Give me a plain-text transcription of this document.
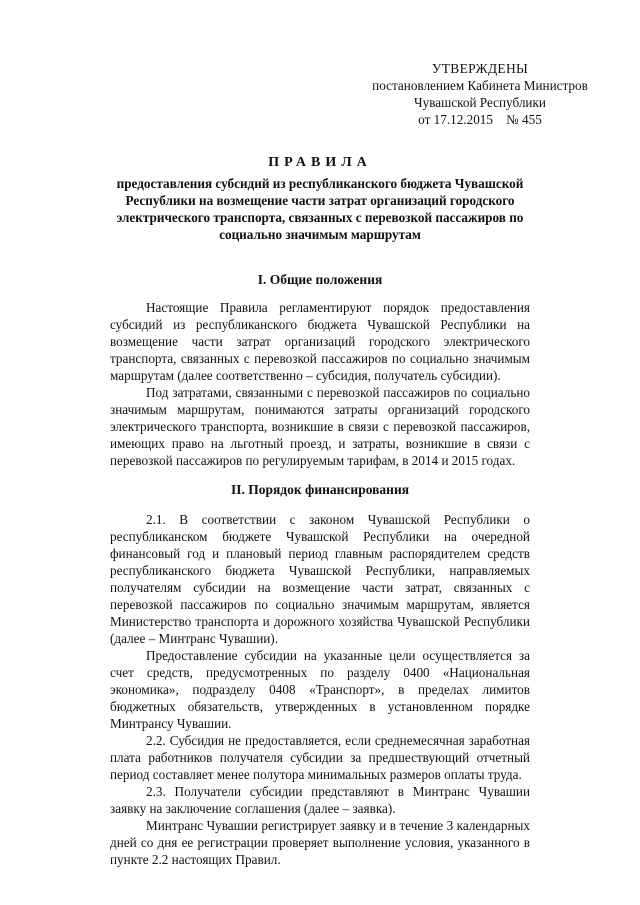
УТВЕРЖДЕНЫ
постановлением Кабинета Министров
Чувашской Республики
от 17.12.2015    № 455
ПРАВИЛА
предоставления субсидий из республиканского бюджета Чувашской Республики на возмещение части затрат организаций городского электрического транспорта, связанных с перевозкой пассажиров по социально значимым маршрутам
I. Общие положения

Настоящие Правила регламентируют порядок предоставления субсидий из республиканского бюджета Чувашской Республики на возмещение части затрат организаций городского электрического транспорта, связанных с перевозкой пассажиров по социально значимым маршрутам (далее соответственно – субсидия, получатель субсидии).

Под затратами, связанными с перевозкой пассажиров по социально значимым маршрутам, понимаются затраты организаций городского электрического транспорта, возникшие в связи с перевозкой пассажиров, имеющих право на льготный проезд, и затраты, возникшие в связи с перевозкой пассажиров по регулируемым тарифам, в 2014 и 2015 годах.

II. Порядок финансирования

2.1. В соответствии с законом Чувашской Республики о республиканском бюджете Чувашской Республики на очередной финансовый год и плановый период главным распорядителем средств республиканского бюджета Чувашской Республики, направляемых получателям субсидии на возмещение части затрат, связанных с перевозкой пассажиров по социально значимым маршрутам, является Министерство транспорта и дорожного хозяйства Чувашской Республики (далее – Минтранс Чувашии).

Предоставление субсидии на указанные цели осуществляется за счет средств, предусмотренных по разделу 0400 «Национальная экономика», подразделу 0408 «Транспорт», в пределах лимитов бюджетных обязательств, утвержденных в установленном порядке Минтрансу Чувашии.

2.2. Субсидия не предоставляется, если среднемесячная заработная плата работников получателя субсидии за предшествующий отчетный период составляет менее полутора минимальных размеров оплаты труда.

2.3. Получатели субсидии представляют в Минтранс Чувашии заявку на заключение соглашения (далее – заявка).

Минтранс Чувашии регистрирует заявку и в течение 3 календарных дней со дня ее регистрации проверяет выполнение условия, указанного в пункте 2.2 настоящих Правил.
